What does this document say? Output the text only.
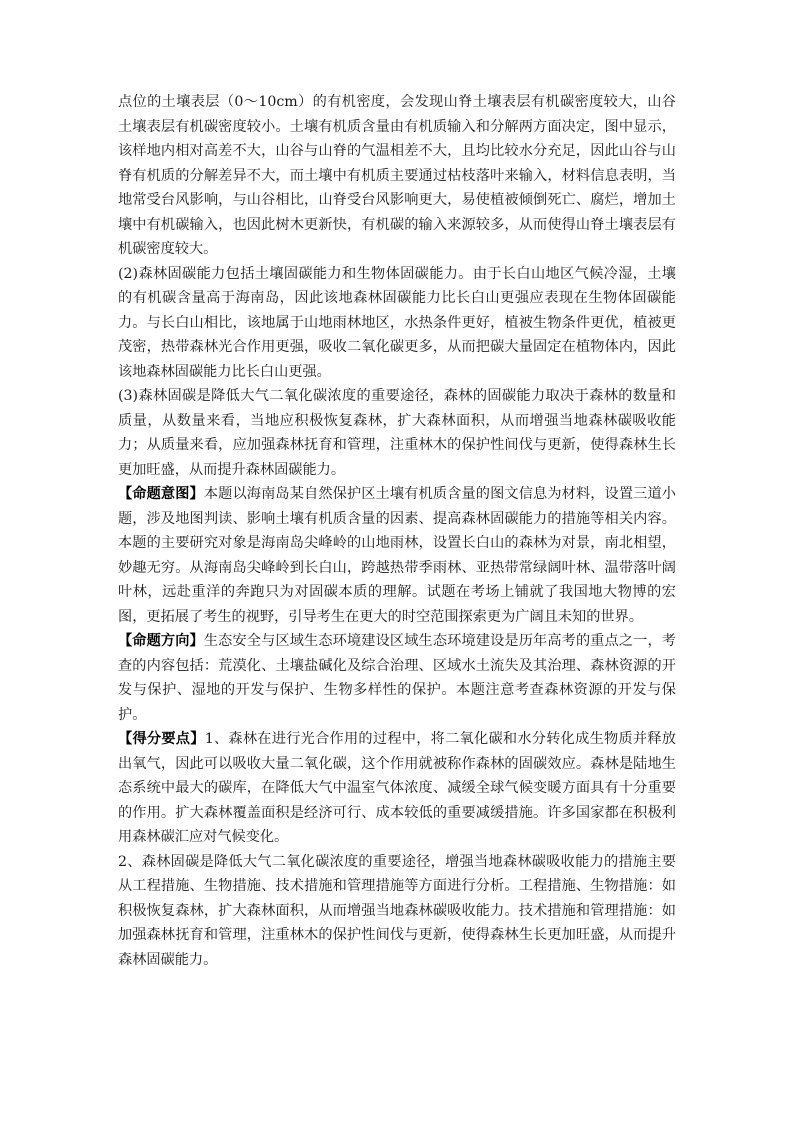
点位的土壤表层（0～10cm）的有机密度，会发现山脊土壤表层有机碳密度较大，山谷土壤表层有机碳密度较小。土壤有机质含量由有机质输入和分解两方面决定，图中显示，该样地内相对高差不大，山谷与山脊的气温相差不大，且均比较水分充足，因此山谷与山脊有机质的分解差异不大，而土壤中有机质主要通过枯枝落叶来输入，材料信息表明，当地常受台风影响，与山谷相比，山脊受台风影响更大，易使植被倾倒死亡、腐烂，增加土壤中有机碳输入，也因此树木更新快，有机碳的输入来源较多，从而使得山脊土壤表层有机碳密度较大。

(2)森林固碳能力包括土壤固碳能力和生物体固碳能力。由于长白山地区气候冷湿，土壤的有机碳含量高于海南岛，因此该地森林固碳能力比长白山更强应表现在生物体固碳能力。与长白山相比，该地属于山地雨林地区，水热条件更好，植被生物条件更优，植被更茂密，热带森林光合作用更强，吸收二氧化碳更多，从而把碳大量固定在植物体内，因此该地森林固碳能力比长白山更强。

(3)森林固碳是降低大气二氧化碳浓度的重要途径，森林的固碳能力取决于森林的数量和质量，从数量来看，当地应积极恢复森林，扩大森林面积，从而增强当地森林碳吸收能力；从质量来看，应加强森林抚育和管理，注重林木的保护性间伐与更新，使得森林生长更加旺盛，从而提升森林固碳能力。

【命题意图】本题以海南岛某自然保护区土壤有机质含量的图文信息为材料，设置三道小题，涉及地图判读、影响土壤有机质含量的因素、提高森林固碳能力的措施等相关内容。本题的主要研究对象是海南岛尖峰岭的山地雨林，设置长白山的森林为对景，南北相望，妙趣无穷。从海南岛尖峰岭到长白山，跨越热带季雨林、亚热带常绿阔叶林、温带落叶阔叶林，远赴重洋的奔跑只为对固碳本质的理解。试题在考场上铺就了我国地大物博的宏图，更拓展了考生的视野，引导考生在更大的时空范围探索更为广阔且未知的世界。

【命题方向】生态安全与区域生态环境建设区域生态环境建设是历年高考的重点之一，考查的内容包括：荒漠化、土壤盐碱化及综合治理、区域水土流失及其治理、森林资源的开发与保护、湿地的开发与保护、生物多样性的保护。本题注意考查森林资源的开发与保护。

【得分要点】1、森林在进行光合作用的过程中，将二氧化碳和水分转化成生物质并释放出氧气，因此可以吸收大量二氧化碳，这个作用就被称作森林的固碳效应。森林是陆地生态系统中最大的碳库，在降低大气中温室气体浓度、减缓全球气候变暖方面具有十分重要的作用。扩大森林覆盖面积是经济可行、成本较低的重要减缓措施。许多国家都在积极利用森林碳汇应对气候变化。

2、森林固碳是降低大气二氧化碳浓度的重要途径，增强当地森林碳吸收能力的措施主要从工程措施、生物措施、技术措施和管理措施等方面进行分析。工程措施、生物措施：如积极恢复森林，扩大森林面积，从而增强当地森林碳吸收能力。技术措施和管理措施：如加强森林抚育和管理，注重林木的保护性间伐与更新，使得森林生长更加旺盛，从而提升森林固碳能力。
